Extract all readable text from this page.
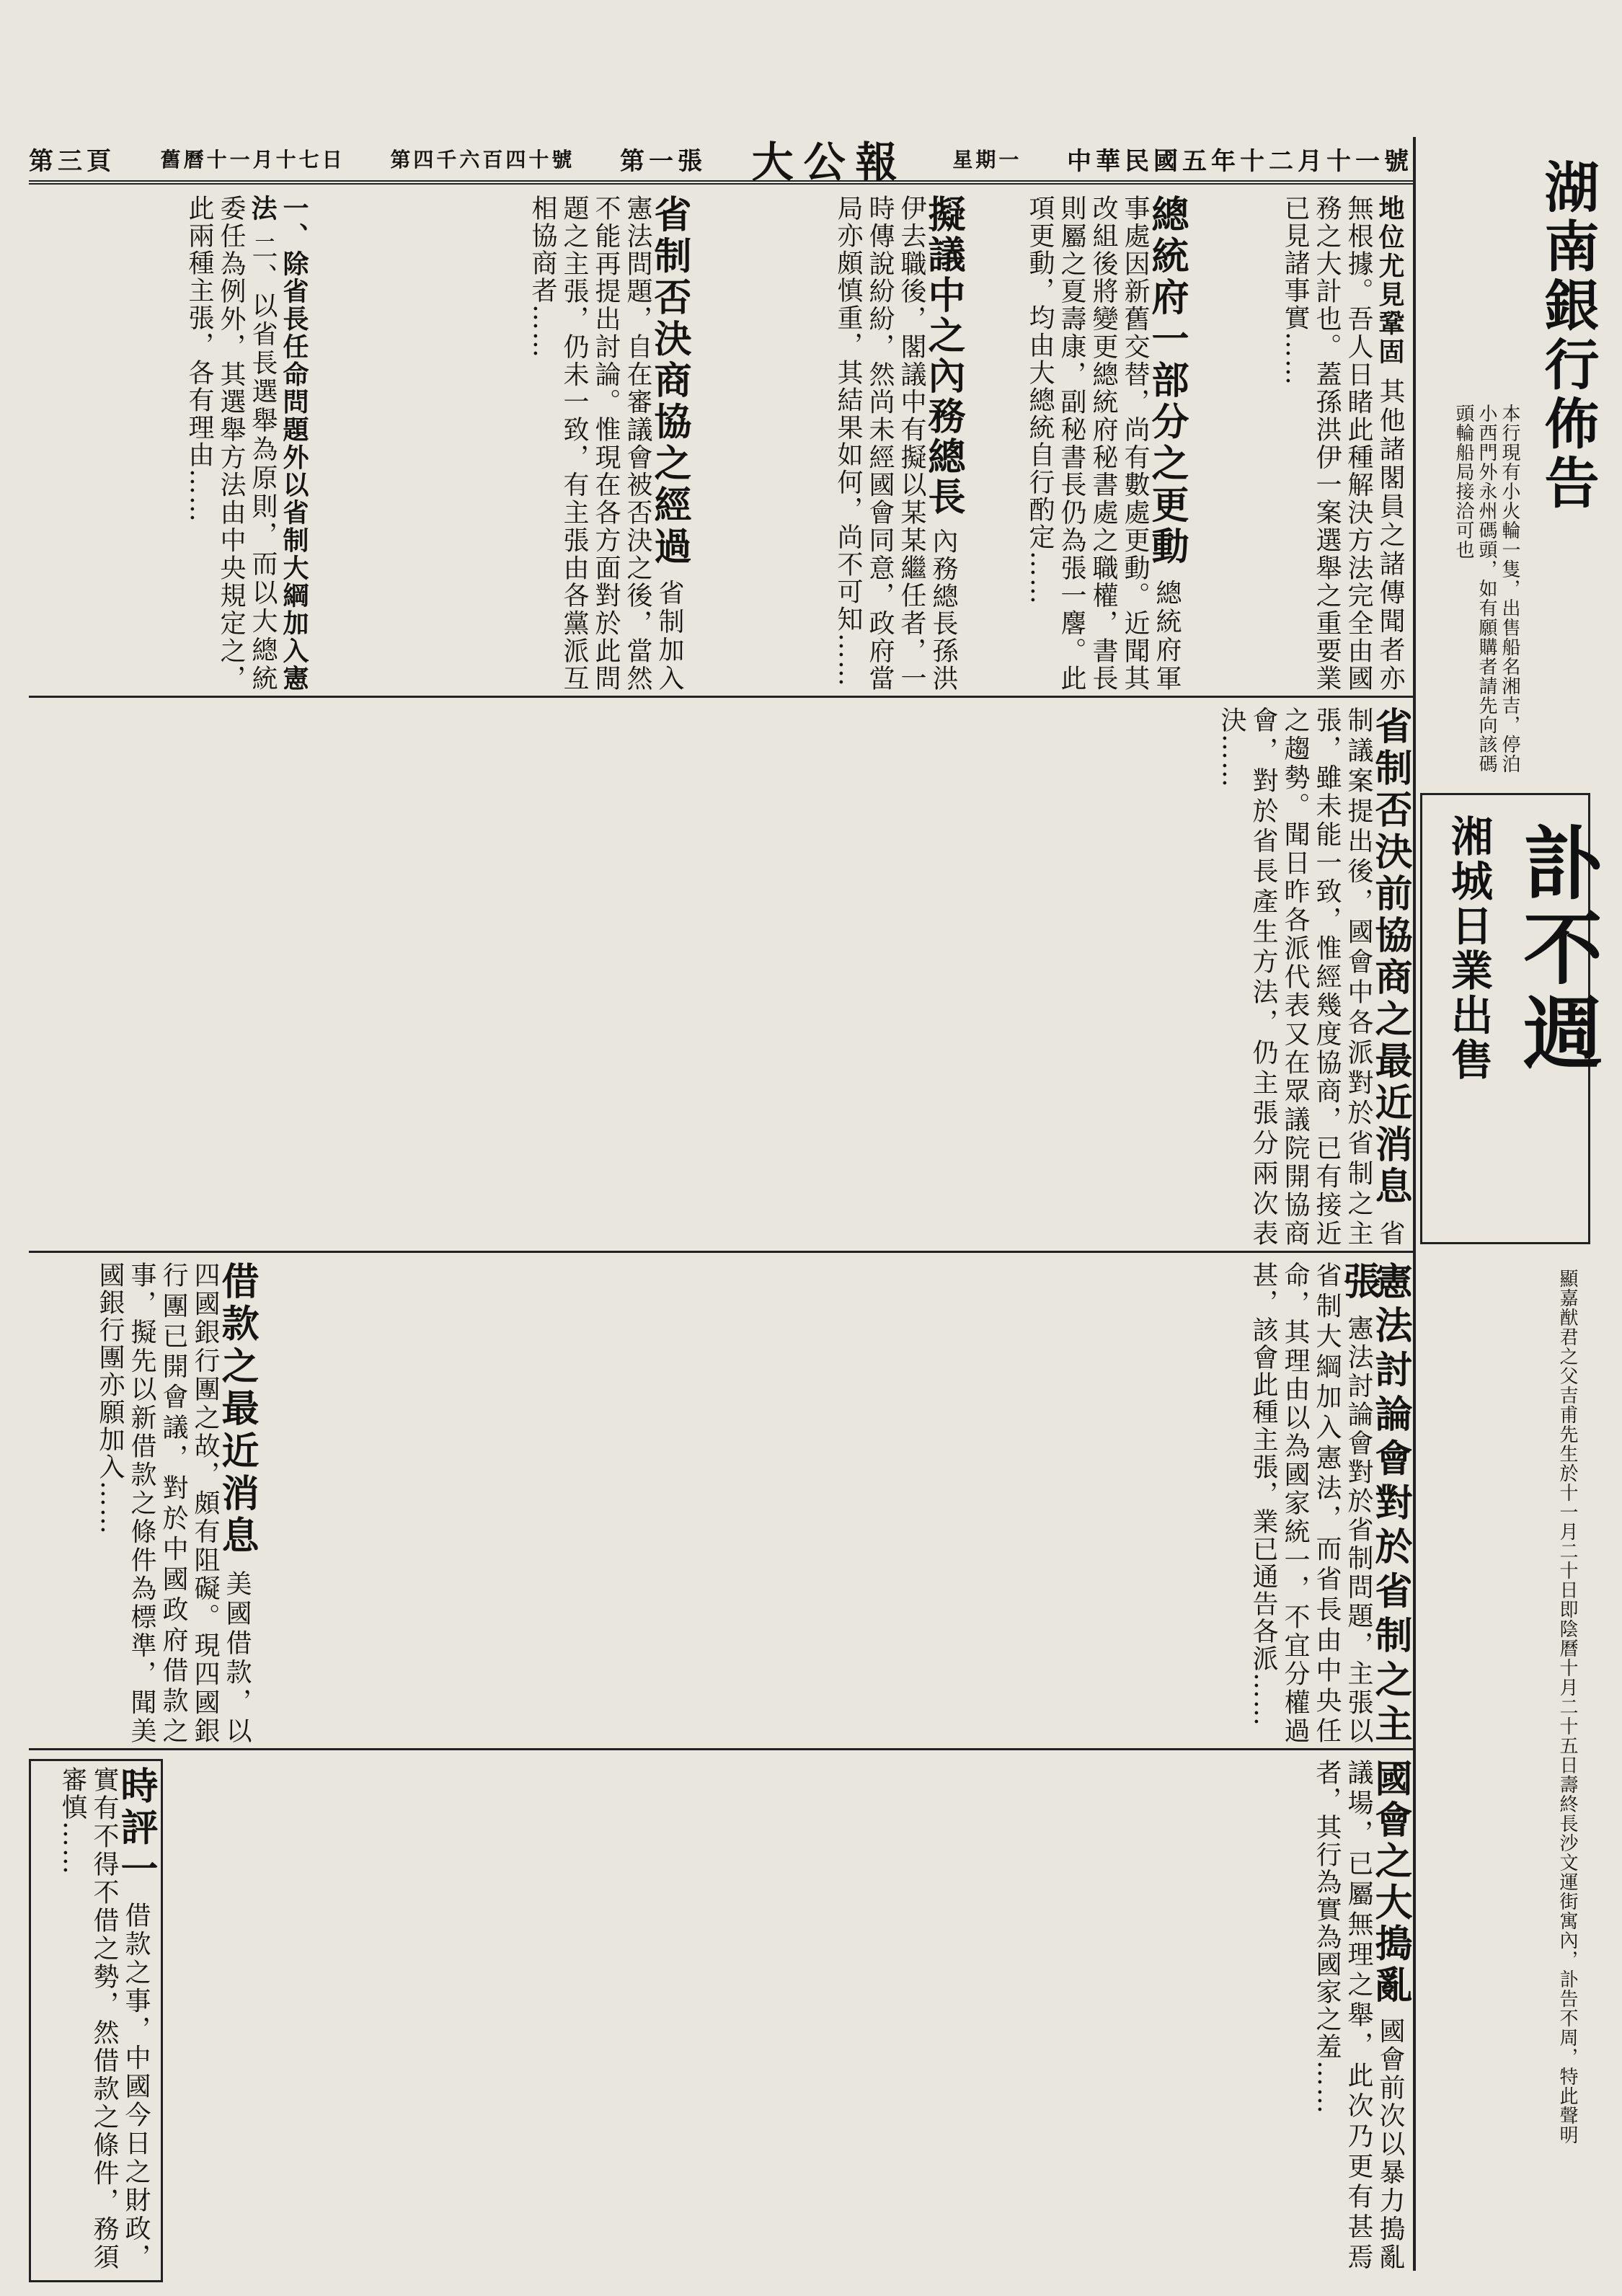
中華民國五年十二月十一號
星期一
大公報
第一張
第四千六百四十號
舊曆十一月十七日
第三頁
地位尤見鞏固 其他諸閣員之諸傳聞者亦無根據。吾人日睹此種解決方法完全由國務之大計也。蓋孫洪伊一案選舉之重要業已見諸事實……
總統府一部分之更動 總統府軍事處因新舊交替，尚有數處更動。近聞其改組後將變更總統府秘書處之職權，書長則屬之夏壽康，副秘書長仍為張一麐。此項更動，均由大總統自行酌定……
擬議中之內務總長 內務總長孫洪伊去職後，閣議中有擬以某某繼任者，一時傳說紛紛，然尚未經國會同意，政府當局亦頗慎重，其結果如何，尚不可知……
省制否決商協之經過 省制加入憲法問題，自在審議會被否決之後，當然不能再提出討論。惟現在各方面對於此問題之主張，仍未一致，有主張由各黨派互相協商者……
一、除省長任命問題外以省制大綱加入憲法 二、以省長選舉為原則，而以大總統委任為例外，其選舉方法由中央規定之，此兩種主張，各有理由……
省制否決前協商之最近消息 省制議案提出後，國會中各派對於省制之主張，雖未能一致，惟經幾度協商，已有接近之趨勢。聞日昨各派代表又在眾議院開協商會，對於省長產生方法，仍主張分兩次表決……
憲法討論會對於省制之主張 憲法討論會對於省制問題，主張以省制大綱加入憲法，而省長由中央任命，其理由以為國家統一，不宜分權過甚，該會此種主張，業已通告各派……
借款之最近消息 美國借款，以四國銀行團之故，頗有阻礙。現四國銀行團已開會議，對於中國政府借款之事，擬先以新借款之條件為標準，聞美國銀行團亦願加入……
國會之大搗亂 國會前次以暴力搗亂議場，已屬無理之舉，此次乃更有甚焉者，其行為實為國家之羞……
時評一 借款之事，中國今日之財政，實有不得不借之勢，然借款之條件，務須審慎……
湖南銀行佈告
本行現有小火輪一隻，出售船名湘吉，停泊小西門外永州碼頭，如有願購者請先向該碼頭輪船局接洽可也
訃不週
湘城日業出售
顯嘉猷君之父吉甫先生於十一月二十日即陰曆十月二十五日壽終長沙文運街寓內，訃告不周，特此聲明
